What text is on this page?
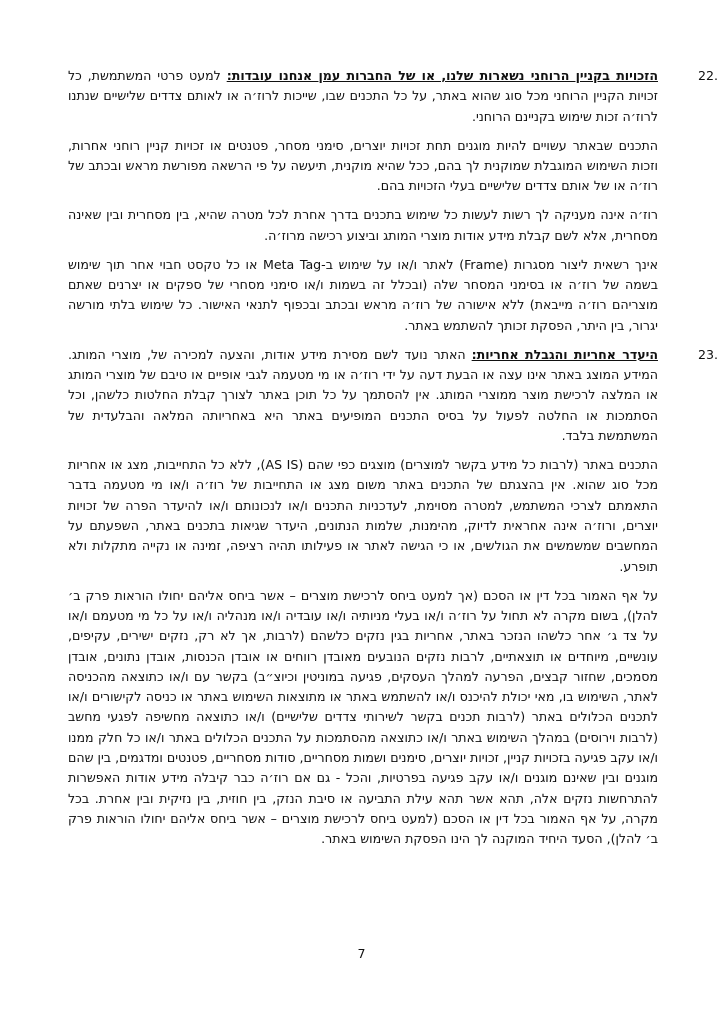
22.

הזכויות בקניין הרוחני נשארות שלנו, או של החברות עמן אנחנו עובדות: למעט פרטי המשתמשת, כל זכויות הקניין הרוחני מכל סוג שהוא באתר, על כל התכנים שבו, שייכות לרוז׳ה או לאותם צדדים שלישיים שנתנו לרוז׳ה זכות שימוש בקניינם הרוחני.

התכנים שבאתר עשויים להיות מוגנים תחת זכויות יוצרים, סימני מסחר, פטנטים או זכויות קניין רוחני אחרות, וזכות השימוש המוגבלת שמוקנית לך בהם, ככל שהיא מוקנית, תיעשה על פי הרשאה מפורשת מראש ובכתב של רוז׳ה או של אותם צדדים שלישיים בעלי הזכויות בהם.

רוז׳ה אינה מעניקה לך רשות לעשות כל שימוש בתכנים בדרך אחרת לכל מטרה שהיא, בין מסחרית ובין שאינה מסחרית, אלא לשם קבלת מידע אודות מוצרי המותג וביצוע רכישה מרוז׳ה.

אינך רשאית ליצור מסגרות (Frame) לאתר ו/או על שימוש ב-Meta Tag או כל טקסט חבוי אחר תוך שימוש בשמה של רוז׳ה או בסימני המסחר שלה (ובכלל זה בשמות ו/או סימני מסחרי של ספקים או יצרנים שאתם מוצריהם רוז׳ה מייבאת) ללא אישורה של רוז׳ה מראש ובכתב ובכפוף לתנאי האישור. כל שימוש בלתי מורשה יגרור, בין היתר, הפסקת זכותך להשתמש באתר.

23.

היעדר אחריות והגבלת אחריות: האתר נועד לשם מסירת מידע אודות, והצעה למכירה של, מוצרי המותג. המידע המוצג באתר אינו עצה או הבעת דעה על ידי רוז׳ה או מי מטעמה לגבי אופיים או טיבם של מוצרי המותג או המלצה לרכישת מוצר ממוצרי המותג. אין להסתמך על כל תוכן באתר לצורך קבלת החלטות כלשהן, וכל הסתמכות או החלטה לפעול על בסיס התכנים המופיעים באתר היא באחריותה המלאה והבלעדית של המשתמשת בלבד.

התכנים באתר (לרבות כל מידע בקשר למוצרים) מוצגים כפי שהם (AS IS), ללא כל התחייבות, מצג או אחריות מכל סוג שהוא. אין בהצגתם של התכנים באתר משום מצג או התחייבות של רוז׳ה ו/או מי מטעמה בדבר התאמתם לצרכי המשתמש, למטרה מסוימת, לעדכניות התכנים ו/או לנכונותם ו/או להיעדר הפרה של זכויות יוצרים, ורוז׳ה אינה אחראית לדיוק, מהימנות, שלמות הנתונים, היעדר שגיאות בתכנים באתר, השפעתם על המחשבים שמשמשים את הגולשים, או כי הגישה לאתר או פעילותו תהיה רציפה, זמינה או נקייה מתקלות ולא תופרע.

על אף האמור בכל דין או הסכם (אך למעט ביחס לרכישת מוצרים – אשר ביחס אליהם יחולו הוראות פרק ב׳ להלן), בשום מקרה לא תחול על רוז׳ה ו/או בעלי מניותיה ו/או עובדיה ו/או מנהליה ו/או על כל מי מטעמם ו/או על צד ג׳ אחר כלשהו הנזכר באתר, אחריות בגין נזקים כלשהם (לרבות, אך לא רק, נזקים ישירים, עקיפים, עונשיים, מיוחדים או תוצאתיים, לרבות נזקים הנובעים מאובדן רווחים או אובדן הכנסות, אובדן נתונים, אובדן מסמכים, שחזור קבצים, הפרעה למהלך העסקים, פגיעה במוניטין וכיוצ״ב) בקשר עם ו/או כתוצאה מהכניסה לאתר, השימוש בו, מאי יכולת להיכנס ו/או להשתמש באתר או מתוצאות השימוש באתר או כניסה לקישורים ו/או לתכנים הכלולים באתר (לרבות תכנים בקשר לשירותי צדדים שלישיים) ו/או כתוצאה מחשיפה לפגעי מחשב (לרבות וירוסים) במהלך השימוש באתר ו/או כתוצאה מהסתמכות על התכנים הכלולים באתר ו/או כל חלק ממנו ו/או עקב פגיעה בזכויות קניין, זכויות יוצרים, סימנים ושמות מסחריים, סודות מסחריים, פטנטים ומדגמים, בין שהם מוגנים ובין שאינם מוגנים ו/או עקב פגיעה בפרטיות, והכל - גם אם רוז׳ה כבר קיבלה מידע אודות האפשרות להתרחשות נזקים אלה, תהא אשר תהא עילת התביעה או סיבת הנזק, בין חוזית, בין נזיקית ובין אחרת. בכל מקרה, על אף האמור בכל דין או הסכם (למעט ביחס לרכישת מוצרים – אשר ביחס אליהם יחולו הוראות פרק ב׳ להלן), הסעד היחיד המוקנה לך הינו הפסקת השימוש באתר.

7
